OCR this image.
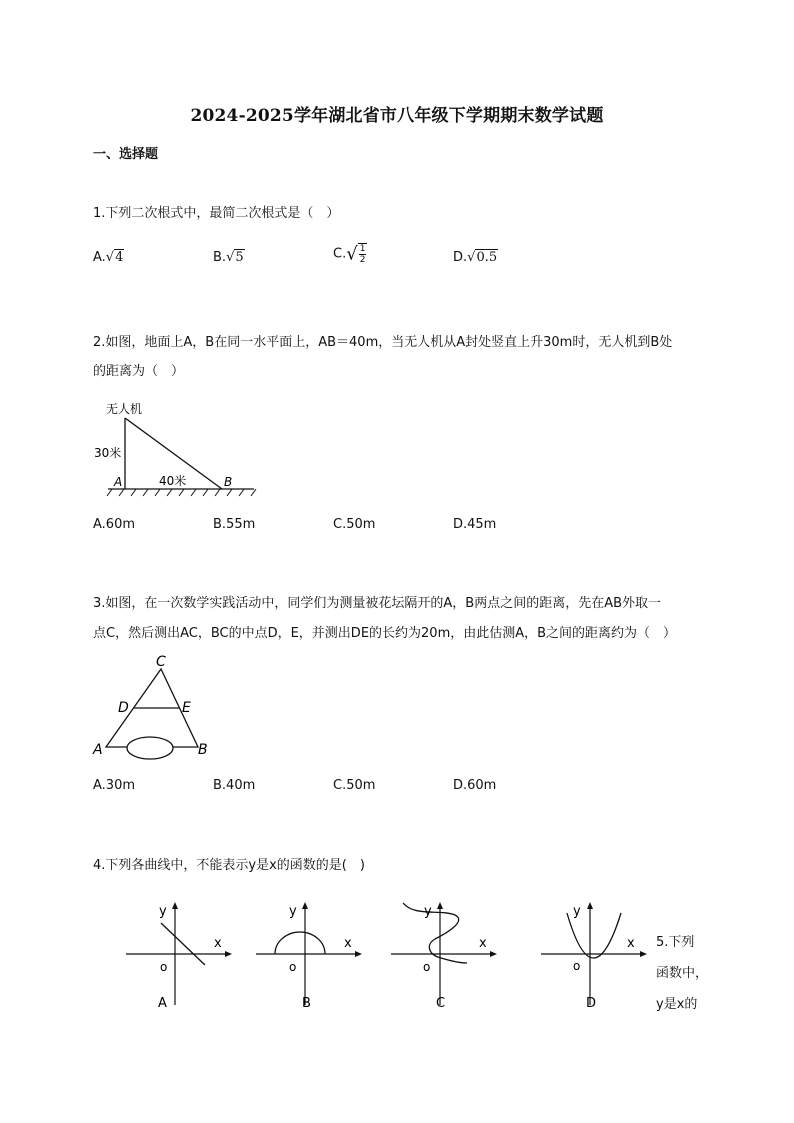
2024-2025学年湖北省市八年级下学期期末数学试题
一、选择题
1.下列二次根式中，最简二次根式是（　）
A.√4	B.√5	$C.√ \frac{1}{2}$	D.√0.5
2.如图，地面上A，B在同一水平面上，AB＝40m，当无人机从A封处竖直上升30m时，无人机到B处
的距离为（　）
无人机
30米
40米
A	B
A.60m	B.55m	C.50m	D.45m
3.如图，在一次数学实践活动中，同学们为测量被花坛隔开的A，B两点之间的距离，先在AB外取一
点C，然后测出AC，BC的中点D，E，并测出DE的长约为20m，由此估测A，B之间的距离约为（　）
C
D	E
A	B
A.30m	B.40m	C.50m	D.60m
4.下列各曲线中，不能表示y是x的函数的是(　)
y
x
o
A
y
x
o
B
y
x
o
C
y
x
o
D
5.下列
函数中，
y是x的
